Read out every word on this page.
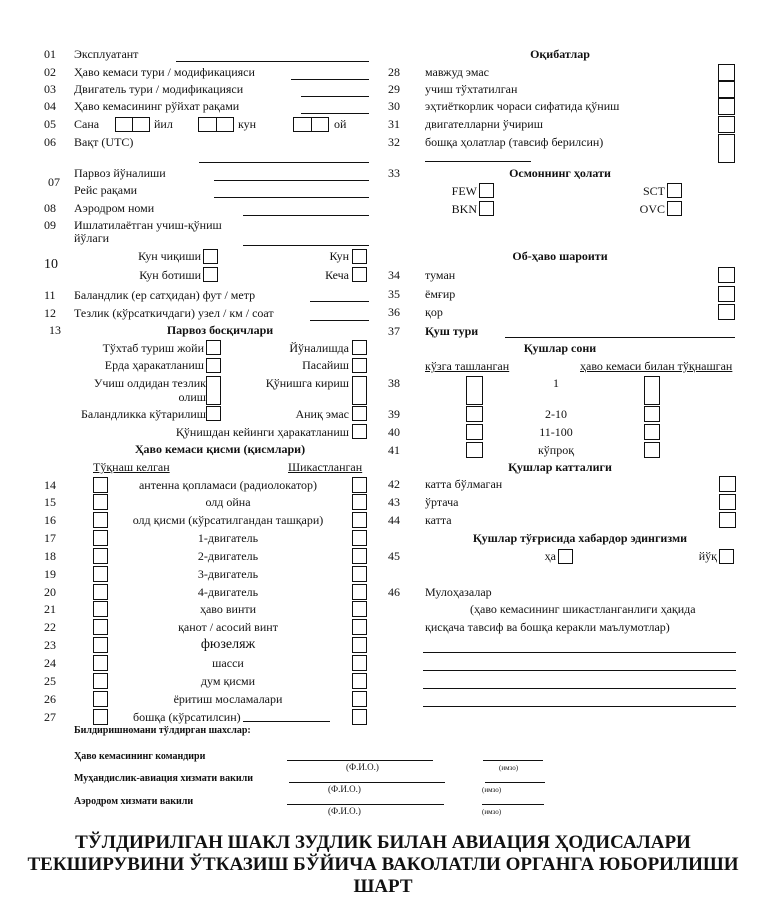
01 Эксплуатант
02 Ҳаво кемаси тури / модификацияси
03 Двигатель тури / модификацияси
04 Ҳаво кемасининг рўйхат рақами
05 Сана	йил	кун	ой
06 Вақт (UTC)
07
Парвоз йўналиши
Рейс рақами
08 Аэродром номи
09 Ишлатилаётган учиш-қўниш
йўлаги
10
Кун чиқиши	Кун
Кун ботиши	Кеча
11 Баландлик (ер сатҳидан) фут / метр
12 Тезлик (кўрсаткичдаги) узел / км / соат
13	Парвоз босқичлари
Тўхтаб туриш жойи	Йўналишда
Ерда ҳаракатланиш	Пасайиш
Учиш олдидан тезлик
олиш
Қўнишга кириш
Баландликка кўтарилиш	Аниқ эмас
Қўнишдан кейинги ҳаракатланиш
Ҳаво кемаси қисми (қисмлари)
Тўқнаш келган	Шикастланган
14	антенна қопламаси (радиолокатор)
15	олд ойна
16	олд қисми (кўрсатилгандан ташқари)
17	1-двигатель
18	2-двигатель
19	3-двигатель
20	4-двигатель
21	ҳаво винти
22	қанот / асосий винт
23	фюзеляж
24	шасси
25	дум қисми
26	ёритиш мосламалари
27	бошқа (кўрсатилсин)
Оқибатлар
28 мавжуд эмас
29 учиш тўхтатилган
30 эҳтиёткорлик чораси сифатида қўниш
31 двигателларни ўчириш
32 бошқа ҳолатлар (тавсиф берилсин)
33	Осмоннинг ҳолати
FEW	SCT
BKN	OVC
Об-ҳаво шароити
34 туман
35 ёмғир
36 қор
37 Қуш тури
Қушлар сони
кўзга ташланган	ҳаво кемаси билан тўқнашган
38	1
39	2-10
40	11-100
41	кўпроқ
Қушлар катталиги
42 катта бўлмаган
43 ўртача
44 катта
Қушлар тўғрисида хабардор эдингизми
45	ҳа	йўқ
46 Мулоҳазалар
(ҳаво кемасининг шикастланганлиги ҳақида
қисқача тавсиф ва бошқа керакли маълумотлар)
Билдиришномани тўлдирган шахслар:
Ҳаво кемасининг командири
(Ф.И.О.)	(имзо)
Муҳандислик-авиация хизмати вакили
(Ф.И.О.)	(имзо)
Аэродром хизмати вакили
(Ф.И.О.)	(имзо)
ТЎЛДИРИЛГАН ШАКЛ ЗУДЛИК БИЛАН АВИАЦИЯ ҲОДИСАЛАРИ
ТЕКШИРУВИНИ ЎТКАЗИШ БЎЙИЧА ВАКОЛАТЛИ ОРГАНГА ЮБОРИЛИШИ
ШАРТ
